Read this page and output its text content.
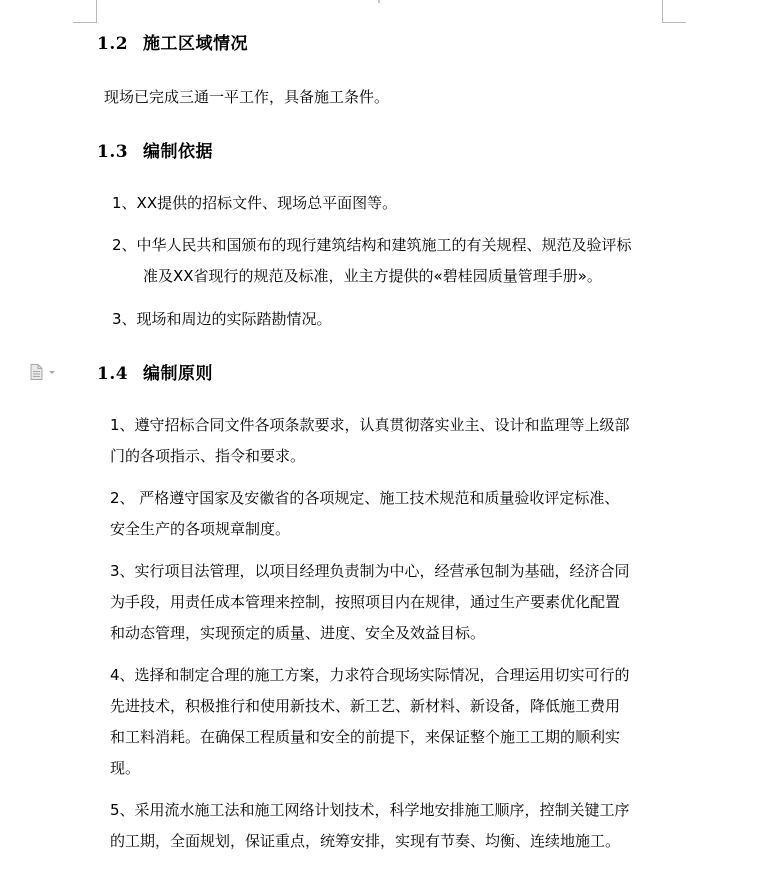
1.2 施工区域情况
现场已完成三通一平工作，具备施工条件。
1.3 编制依据
1、XX提供的招标文件、现场总平面图等。
2、中华人民共和国颁布的现行建筑结构和建筑施工的有关规程、规范及验评标
准及XX省现行的规范及标准，业主方提供的«碧桂园质量管理手册»。
3、现场和周边的实际踏勘情况。
1.4 编制原则
1、遵守招标合同文件各项条款要求，认真贯彻落实业主、设计和监理等上级部
门的各项指示、指令和要求。
2、 严格遵守国家及安徽省的各项规定、施工技术规范和质量验收评定标准、
安全生产的各项规章制度。
3、实行项目法管理，以项目经理负责制为中心，经营承包制为基础，经济合同
为手段，用责任成本管理来控制，按照项目内在规律，通过生产要素优化配置
和动态管理，实现预定的质量、进度、安全及效益目标。
4、选择和制定合理的施工方案，力求符合现场实际情况，合理运用切实可行的
先进技术，积极推行和使用新技术、新工艺、新材料、新设备，降低施工费用
和工料消耗。在确保工程质量和安全的前提下，来保证整个施工工期的顺利实
现。
5、采用流水施工法和施工网络计划技术，科学地安排施工顺序，控制关键工序
的工期，全面规划，保证重点，统筹安排，实现有节奏、均衡、连续地施工。
